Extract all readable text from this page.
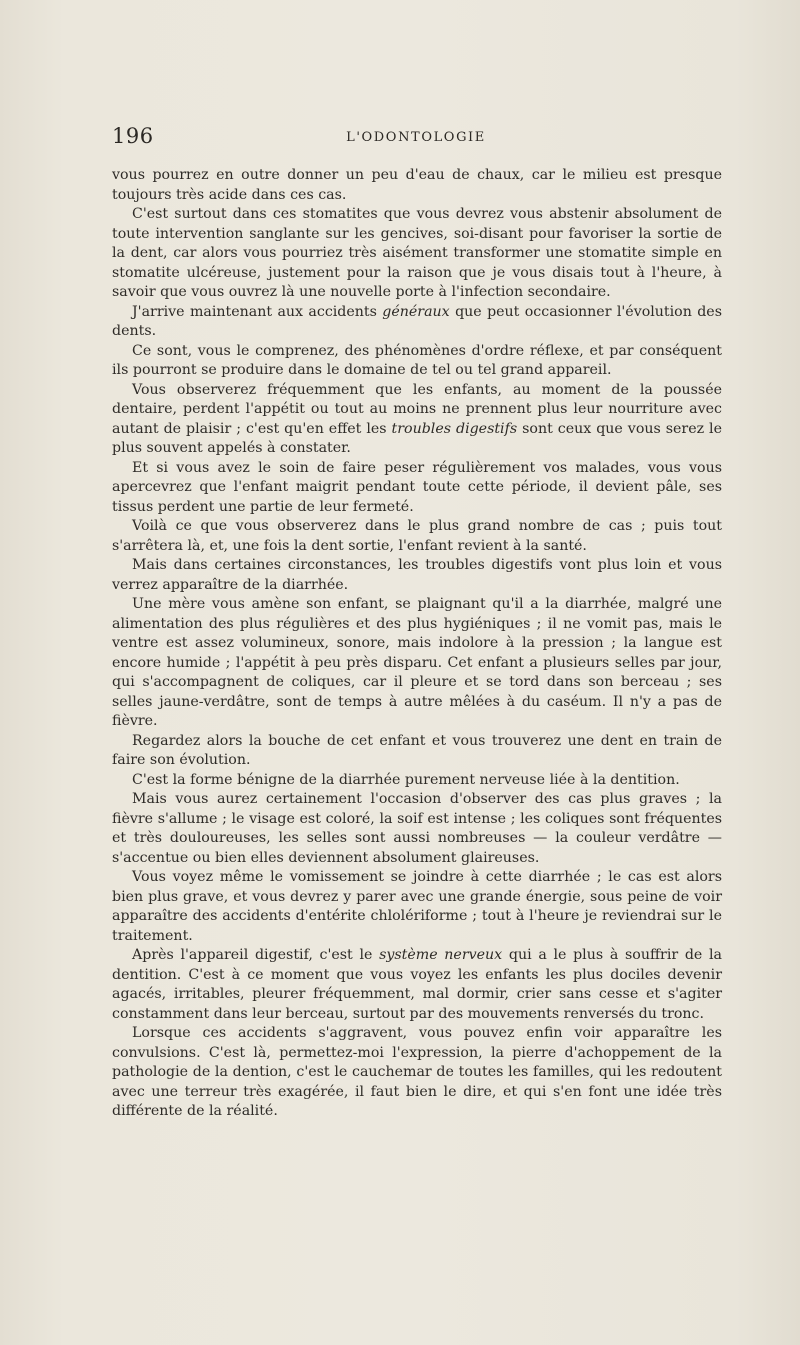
196	L'ODONTOLOGIE

vous pourrez en outre donner un peu d'eau de chaux, car le milieu est presque toujours très acide dans ces cas.

C'est surtout dans ces stomatites que vous devrez vous abstenir absolument de toute intervention sanglante sur les gencives, soi-disant pour favoriser la sortie de la dent, car alors vous pourriez très aisément transformer une stomatite simple en stomatite ulcéreuse, justement pour la raison que je vous disais tout à l'heure, à savoir que vous ouvrez là une nouvelle porte à l'infection secondaire.

J'arrive maintenant aux accidents généraux que peut occasionner l'évolution des dents.

Ce sont, vous le comprenez, des phénomènes d'ordre réflexe, et par conséquent ils pourront se produire dans le domaine de tel ou tel grand appareil.

Vous observerez fréquemment que les enfants, au moment de la poussée dentaire, perdent l'appétit ou tout au moins ne prennent plus leur nourriture avec autant de plaisir ; c'est qu'en effet les troubles digestifs sont ceux que vous serez le plus souvent appelés à constater.

Et si vous avez le soin de faire peser régulièrement vos malades, vous vous apercevrez que l'enfant maigrit pendant toute cette période, il devient pâle, ses tissus perdent une partie de leur fermeté.

Voilà ce que vous observerez dans le plus grand nombre de cas ; puis tout s'arrêtera là, et, une fois la dent sortie, l'enfant revient à la santé.

Mais dans certaines circonstances, les troubles digestifs vont plus loin et vous verrez apparaître de la diarrhée.

Une mère vous amène son enfant, se plaignant qu'il a la diarrhée, malgré une alimentation des plus régulières et des plus hygiéniques ; il ne vomit pas, mais le ventre est assez volumineux, sonore, mais indolore à la pression ; la langue est encore humide ; l'appétit à peu près disparu. Cet enfant a plusieurs selles par jour, qui s'accompagnent de coliques, car il pleure et se tord dans son berceau ; ses selles jaune-verdâtre, sont de temps à autre mêlées à du caséum. Il n'y a pas de fièvre.

Regardez alors la bouche de cet enfant et vous trouverez une dent en train de faire son évolution.

C'est la forme bénigne de la diarrhée purement nerveuse liée à la dentition.

Mais vous aurez certainement l'occasion d'observer des cas plus graves ; la fièvre s'allume ; le visage est coloré, la soif est intense ; les coliques sont fréquentes et très douloureuses, les selles sont aussi nombreuses — la couleur verdâtre — s'accentue ou bien elles deviennent absolument glaireuses.

Vous voyez même le vomissement se joindre à cette diarrhée ; le cas est alors bien plus grave, et vous devrez y parer avec une grande énergie, sous peine de voir apparaître des accidents d'entérite chlolériforme ; tout à l'heure je reviendrai sur le traitement.

Après l'appareil digestif, c'est le système nerveux qui a le plus à souffrir de la dentition. C'est à ce moment que vous voyez les enfants les plus dociles devenir agacés, irritables, pleurer fréquemment, mal dormir, crier sans cesse et s'agiter constamment dans leur berceau, surtout par des mouvements renversés du tronc.

Lorsque ces accidents s'aggravent, vous pouvez enfin voir apparaître les convulsions. C'est là, permettez-moi l'expression, la pierre d'achoppement de la pathologie de la dention, c'est le cauchemar de toutes les familles, qui les redoutent avec une terreur très exagérée, il faut bien le dire, et qui s'en font une idée très différente de la réalité.
